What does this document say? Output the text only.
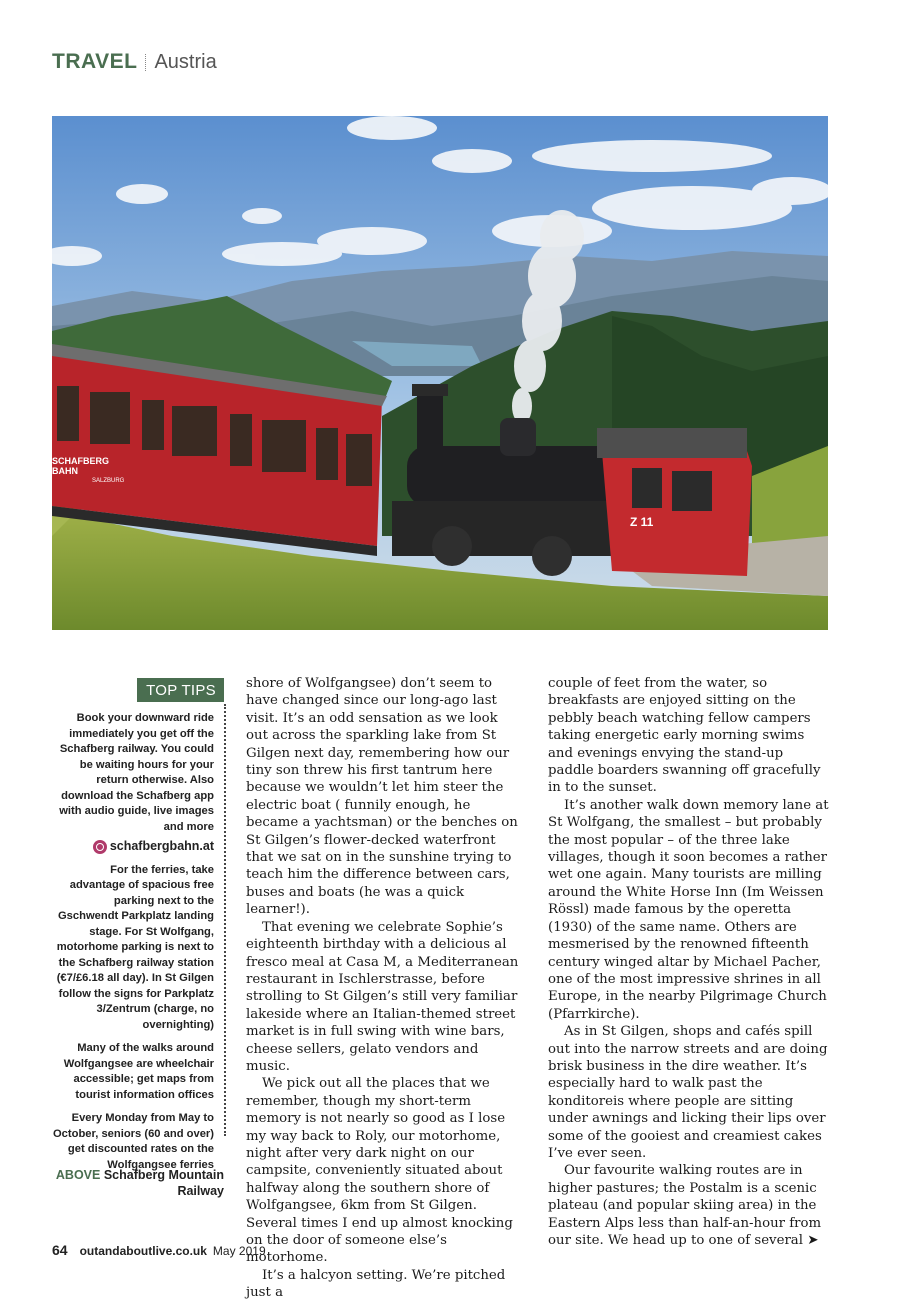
TRAVEL Austria
SCHAFBERG
BAHN
SALZBURG
Z 11
TOP TIPS

Book your downward ride immediately you get off the Schafberg railway. You could be waiting hours for your return otherwise. Also download the Schafberg app with audio guide, live images and more

schafbergbahn.at

For the ferries, take advantage of spacious free parking next to the Gschwendt Parkplatz landing stage. For St Wolfgang, motorhome parking is next to the Schafberg railway station (€7/£6.18 all day). In St Gilgen follow the signs for Parkplatz 3/Zentrum (charge, no overnighting)

Many of the walks around Wolfgangsee are wheelchair accessible; get maps from tourist information offices

Every Monday from May to October, seniors (60 and over) get discounted rates on the Wolfgangsee ferries

ABOVE Schafberg Mountain Railway

shore of Wolfgangsee) don’t seem to have changed since our long-ago last visit. It’s an odd sensation as we look out across the sparkling lake from St Gilgen next day, remembering how our tiny son threw his first tantrum here because we wouldn’t let him steer the electric boat ( funnily enough, he became a yachtsman) or the benches on St Gilgen’s flower-decked waterfront that we sat on in the sunshine trying to teach him the difference between cars, buses and boats (he was a quick learner!).

That evening we celebrate Sophie’s eighteenth birthday with a delicious al fresco meal at Casa M, a Mediterranean restaurant in Ischlerstrasse, before strolling to St Gilgen’s still very familiar lakeside where an Italian-themed street market is in full swing with wine bars, cheese sellers, gelato vendors and music.

We pick out all the places that we remember, though my short-term memory is not nearly so good as I lose my way back to Roly, our motorhome, night after very dark night on our campsite, conveniently situated about halfway along the southern shore of Wolfgangsee, 6km from St Gilgen. Several times I end up almost knocking on the door of someone else’s motorhome.

It’s a halcyon setting. We’re pitched just a

couple of feet from the water, so breakfasts are enjoyed sitting on the pebbly beach watching fellow campers taking energetic early morning swims and evenings envying the stand-up paddle boarders swanning off gracefully in to the sunset.

It’s another walk down memory lane at St Wolfgang, the smallest – but probably the most popular – of the three lake villages, though it soon becomes a rather wet one again. Many tourists are milling around the White Horse Inn (Im Weissen Rössl) made famous by the operetta (1930) of the same name. Others are mesmerised by the renowned fifteenth century winged altar by Michael Pacher, one of the most impressive shrines in all Europe, in the nearby Pilgrimage Church (Pfarrkirche).

As in St Gilgen, shops and cafés spill out into the narrow streets and are doing brisk business in the dire weather. It’s especially hard to walk past the konditoreis where people are sitting under awnings and licking their lips over some of the gooiest and creamiest cakes I’ve ever seen.

Our favourite walking routes are in higher pastures; the Postalm is a scenic plateau (and popular skiing area) in the Eastern Alps less than half-an-hour from our site. We head up to one of several ➤

64 outandaboutlive.co.uk May 2019
